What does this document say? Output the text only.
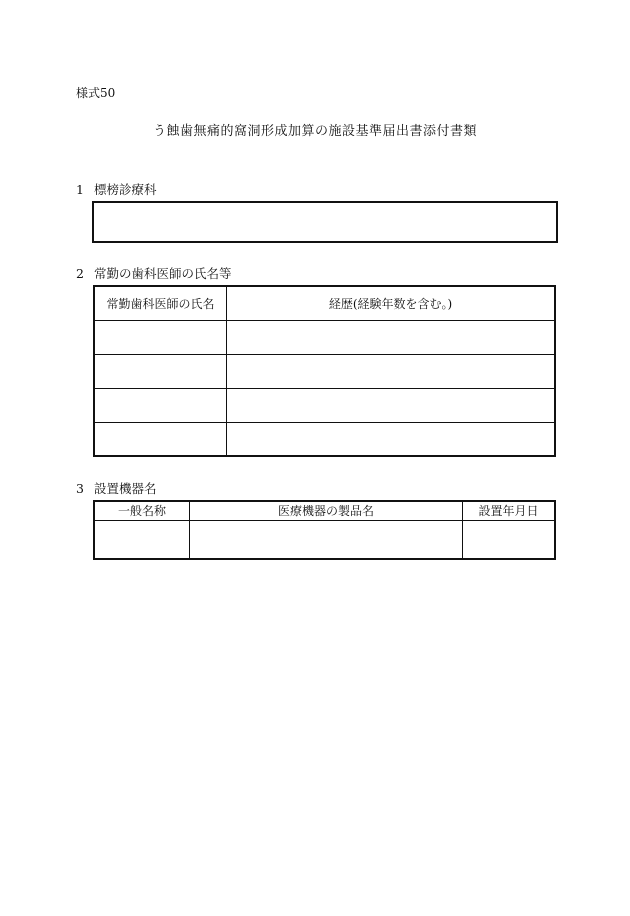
様式50
う蝕歯無痛的窩洞形成加算の施設基準届出書添付書類
1 標榜診療科
2 常勤の歯科医師の氏名等
常勤歯科医師の氏名	経歴(経験年数を含む。)

3 設置機器名
一般名称	医療機器の製品名	設置年月日
